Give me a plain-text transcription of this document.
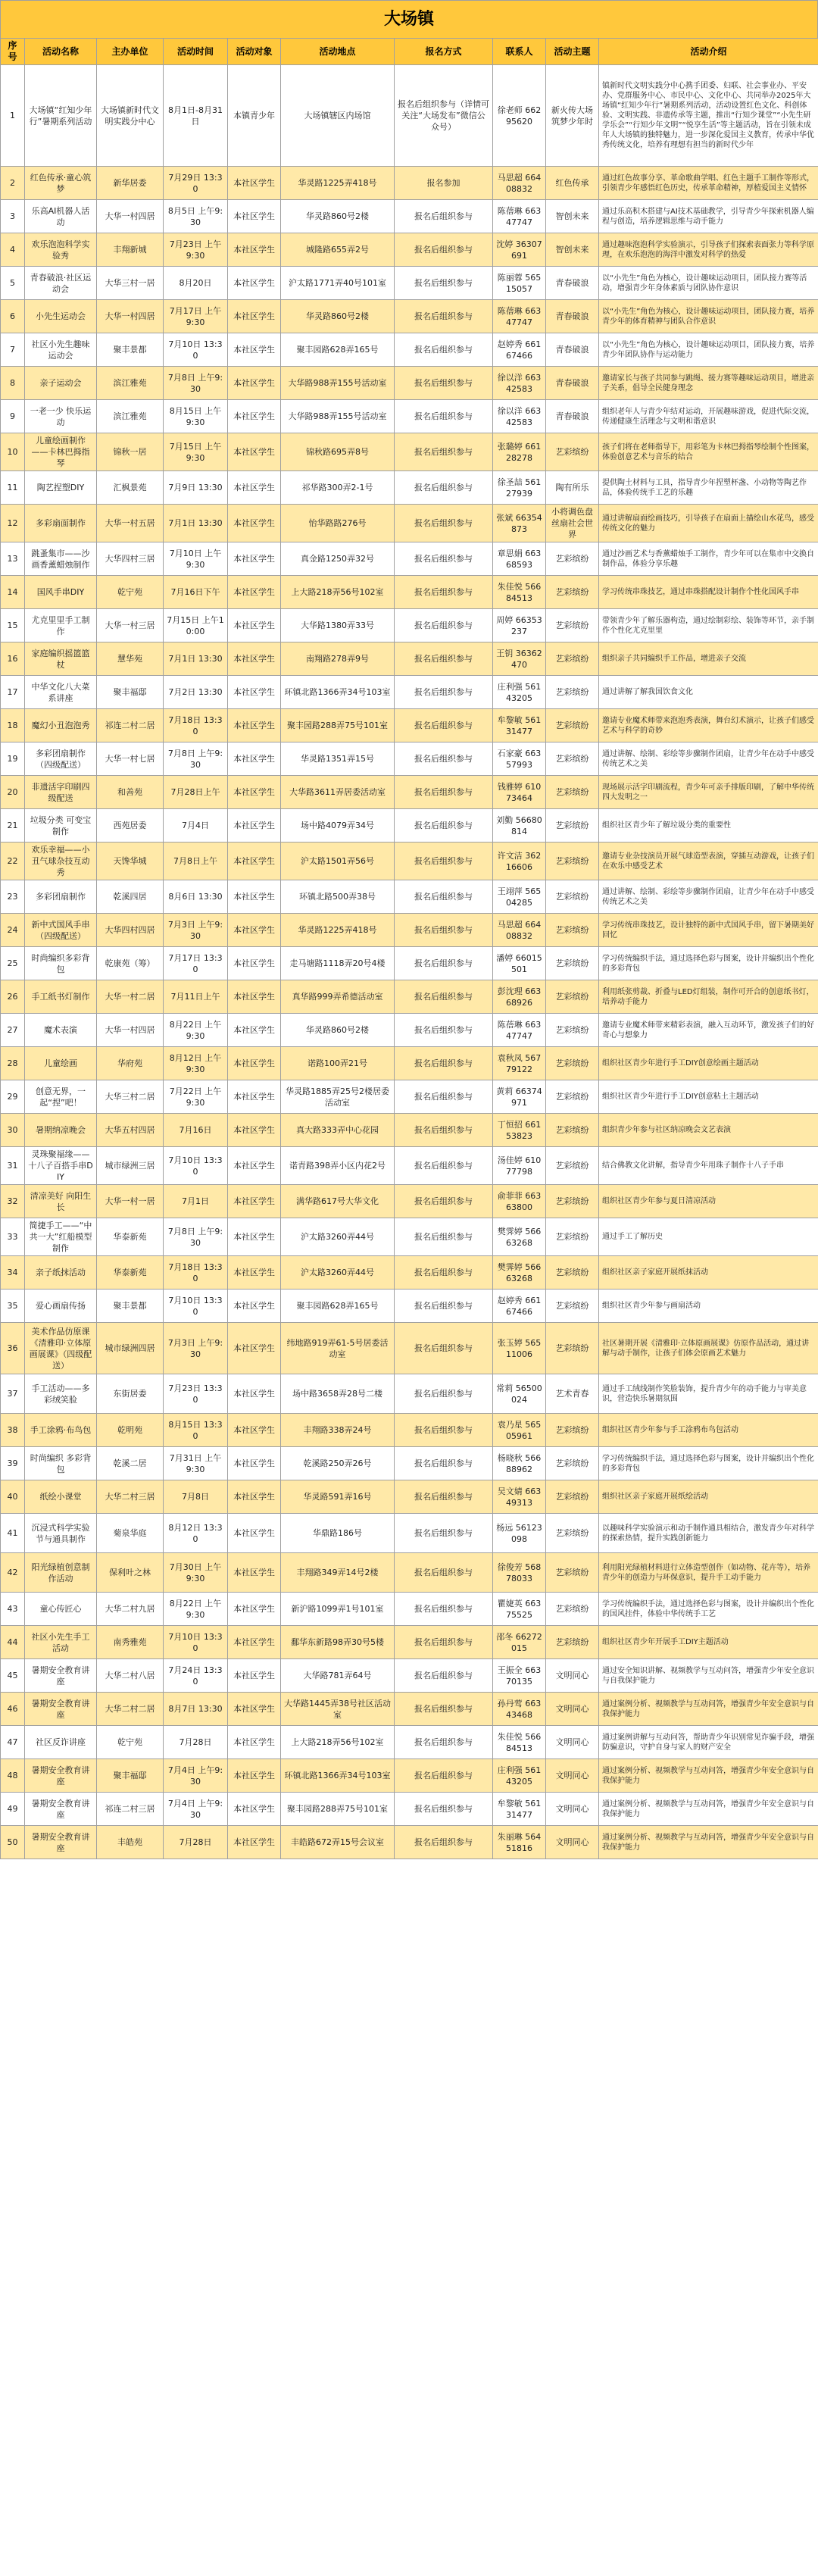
大场镇
序号	活动名称	主办单位	活动时间	活动对象	活动地点	报名方式	联系人	活动主题	活动介绍
1	大场镇“红知少年行”暑期系列活动	大场镇新时代文明实践分中心	8月1日-8月31日	本镇青少年	大场镇辖区内场馆	报名后组织参与（详情可关注“大场发布”微信公众号）	徐老师 66295620	新火传大场 筑梦少年时	镇新时代文明实践分中心携手团委、妇联、社会事业办、平安办、党群服务中心、市民中心、文化中心、共同举办2025年大场镇“红知少年行”暑期系列活动，活动设置红色文化、科创体验、文明实践、非遗传承等主题，推出“行知少课堂”“小先生研学乐会”“行知少年文明”“悦享生活”等主题活动，旨在引领未成年人大场镇的独特魅力，进一步深化爱国主义教育，传承中华优秀传统文化，培养有理想有担当的新时代少年
2	红色传承·童心筑梦	新华居委	7月29日 13:30	本社区学生	华灵路1225弄418号	报名参加	马思超 66408832	红色传承	通过红色故事分享、革命歌曲学唱、红色主题手工制作等形式，引领青少年感悟红色历史，传承革命精神，厚植爱国主义情怀
3	乐高AI机器人活动	大华一村四居	8月5日 上午9:30	本社区学生	华灵路860号2楼	报名后组织参与	陈蓓琳 66347747	智创未来	通过乐高积木搭建与AI技术基础教学，引导青少年探索机器人编程与创造，培养逻辑思维与动手能力
4	欢乐泡泡科学实验秀	丰翔新城	7月23日 上午9:30	本社区学生	城隆路655弄2号	报名后组织参与	沈婷 36307691	智创未来	通过趣味泡泡科学实验演示，引导孩子们探索表面张力等科学原理，在欢乐泡泡的海洋中激发对科学的热爱
5	青春破浪·社区运动会	大华三村一居	8月20日	本社区学生	沪太路1771弄40号101室	报名后组织参与	陈丽蓉 56515057	青春破浪	以“小先生”角色为核心，设计趣味运动项目，团队接力赛等活动，增强青少年身体素质与团队协作意识
6	小先生运动会	大华一村四居	7月17日 上午9:30	本社区学生	华灵路860号2楼	报名后组织参与	陈蓓琳 66347747	青春破浪	以“小先生”角色为核心，设计趣味运动项目，团队接力赛，培养青少年的体育精神与团队合作意识
7	社区小先生趣味运动会	聚丰景都	7月10日 13:30	本社区学生	聚丰园路628弄165号	报名后组织参与	赵婷秀 66167466	青春破浪	以“小先生”角色为核心，设计趣味运动项目，团队接力赛，培养青少年团队协作与运动能力
8	亲子运动会	滨江雅苑	7月8日 上午9:30	本社区学生	大华路988弄155号活动室	报名后组织参与	徐以洋 66342583	青春破浪	邀请家长与孩子共同参与跳绳、接力赛等趣味运动项目，增进亲子关系，倡导全民健身理念
9	一老一少 快乐运动	滨江雅苑	8月15日 上午9:30	本社区学生	大华路988弄155号活动室	报名后组织参与	徐以洋 66342583	青春破浪	组织老年人与青少年结对运动，开展趣味游戏，促进代际交流，传递健康生活理念与文明和谐意识
10	儿童绘画制作——卡林巴拇指琴	锦秋一居	7月15日 上午9:30	本社区学生	锦秋路695弄8号	报名后组织参与	张璐婷 66128278	艺彩缤纷	孩子们将在老师指导下，用彩笔为卡林巴拇指琴绘制个性图案，体验创意艺术与音乐的结合
11	陶艺捏塑DIY	汇枫景苑	7月9日 13:30	本社区学生	祁华路300弄2-1号	报名后组织参与	徐圣喆 56127939	陶有所乐	提供陶土材料与工具，指导青少年捏塑杯盏、小动物等陶艺作品，体验传统手工艺的乐趣
12	多彩扇面制作	大华一村五居	7月1日 13:30	本社区学生	怡华路路276号	报名后组织参与	张斌 66354873	小将调色盘丝扇社会世界	通过讲解扇面绘画技巧，引导孩子在扇面上描绘山水花鸟，感受传统文化的魅力
13	跳蚤集市——沙画香薰蜡烛制作	大华四村三居	7月10日 上午9:30	本社区学生	真金路1250弄32号	报名后组织参与	章思娟 66368593	艺彩缤纷	通过沙画艺术与香薰蜡烛手工制作，青少年可以在集市中交换自制作品，体验分享乐趣
14	国风手串DIY	乾宁苑	7月16日下午	本社区学生	上大路218弄56号102室	报名后组织参与	朱佳悦 56684513	艺彩缤纷	学习传统串珠技艺，通过串珠搭配设计制作个性化国风手串
15	尤克里里手工制作	大华一村三居	7月15日 上午10:00	本社区学生	大华路1380弄33号	报名后组织参与	周婷 66353237	艺彩缤纷	带领青少年了解乐器构造，通过绘制彩绘、装饰等环节，亲手制作个性化尤克里里
16	家庭编织摇篮篮杖	慧华苑	7月1日 13:30	本社区学生	南翔路278弄9号	报名后组织参与	王钥 36362470	艺彩缤纷	组织亲子共同编织手工作品，增进亲子交流
17	中华文化八大菜系讲座	聚丰福邸	7月2日 13:30	本社区学生	环镇北路1366弄34号103室	报名后组织参与	庄利强 56143205	艺彩缤纷	通过讲解了解我国饮食文化
18	魔幻小丑泡泡秀	祁连二村二居	7月18日 13:30	本社区学生	聚丰园路288弄75号101室	报名后组织参与	牟黎敏 56131477	艺彩缤纷	邀请专业魔术师带来泡泡秀表演，舞台幻术演示，让孩子们感受艺术与科学的奇妙
19	多彩团扇制作（四级配送）	大华一村七居	7月8日 上午9:30	本社区学生	华灵路1351弄15号	报名后组织参与	石家豪 66357993	艺彩缤纷	通过讲解、绘制、彩绘等步骤制作团扇，让青少年在动手中感受传统艺术之美
20	非遗活字印刷四级配送	和善苑	7月28日上午	本社区学生	大华路3611弄居委活动室	报名后组织参与	钱雅婷 61073464	艺彩缤纷	现场展示活字印刷流程，青少年可亲手排版印刷，了解中华传统四大发明之一
21	垃圾分类 可变宝制作	西苑居委	7月4日	本社区学生	场中路4079弄34号	报名后组织参与	刘勤 56680814	艺彩缤纷	组织社区青少年了解垃圾分类的重要性
22	欢乐幸福——小丑气球杂技互动秀	天馋华城	7月8日上午	本社区学生	沪太路1501弄56号	报名后组织参与	许文洁 36216606	艺彩缤纷	邀请专业杂技演员开展气球造型表演，穿插互动游戏，让孩子们在欢乐中感受艺术
23	多彩团扇制作	乾溪四居	8月6日 13:30	本社区学生	环镇北路500弄38号	报名后组织参与	王翊萍 56504285	艺彩缤纷	通过讲解、绘制、彩绘等步骤制作团扇，让青少年在动手中感受传统艺术之美
24	新中式国风手串（四级配送）	大华四村四居	7月3日 上午9:30	本社区学生	华灵路1225弄418号	报名后组织参与	马思超 66408832	艺彩缤纷	学习传统串珠技艺，设计独特的新中式国风手串，留下暑期美好回忆
25	时尚编织多彩背包	乾康苑（筹）	7月17日 13:30	本社区学生	走马塘路1118弄20号4楼	报名后组织参与	潘婷 66015501	艺彩缤纷	学习传统编织手法，通过选择色彩与图案，设计并编织出个性化的多彩背包
26	手工纸书灯制作	大华一村二居	7月11日上午	本社区学生	真华路999弄希德活动室	报名后组织参与	彭沈理 66368926	艺彩缤纷	利用纸张剪裁、折叠与LED灯组装，制作可开合的创意纸书灯，培养动手能力
27	魔术表演	大华一村四居	8月22日 上午9:30	本社区学生	华灵路860号2楼	报名后组织参与	陈蓓琳 66347747	艺彩缤纷	邀请专业魔术师带来精彩表演，融入互动环节，激发孩子们的好奇心与想象力
28	儿童绘画	华府苑	8月12日 上午9:30	本社区学生	诺路100弄21号	报名后组织参与	袁秋凤 56779122	艺彩缤纷	组织社区青少年进行手工DIY创意绘画主题活动
29	创意无界，一起“捏”吧！	大华三村二居	7月22日 上午9:30	本社区学生	华灵路1885弄25号2楼居委活动室	报名后组织参与	黄莉 66374971	艺彩缤纷	组织社区青少年进行手工DIY创意粘土主题活动
30	暑期纳凉晚会	大华五村四居	7月16日	本社区学生	真大路333弄中心花园	报名后组织参与	丁恒招 66153823	艺彩缤纷	组织青少年参与社区纳凉晚会文艺表演
31	灵珠聚福缘——十八子百搭手串DIY	城市绿洲三居	7月10日 13:30	本社区学生	诺青路398弄小区内花2号	报名后组织参与	汤佳婷 61077798	艺彩缤纷	结合佛教文化讲解，指导青少年用珠子制作十八子手串
32	清凉美好 向阳生长	大华一村一居	7月1日	本社区学生	满华路617号大华文化	报名后组织参与	俞菲菲 66363800	艺彩缤纷	组织社区青少年参与夏日清凉活动
33	简捷手工——“中共一大”红船模型制作	华泰新苑	7月8日 上午9:30	本社区学生	沪太路3260弄44号	报名后组织参与	樊霁婷 56663268	艺彩缤纷	通过手工了解历史
34	亲子纸抹活动	华泰新苑	7月18日 13:30	本社区学生	沪太路3260弄44号	报名后组织参与	樊霁婷 56663268	艺彩缤纷	组织社区亲子家庭开展纸抹活动
35	爱心画扇传扬	聚丰景都	7月10日 13:30	本社区学生	聚丰园路628弄165号	报名后组织参与	赵婷秀 66167466	艺彩缤纷	组织社区青少年参与画扇活动
36	美术作品仿原课《清雅印·立体原画展课》（四级配送）	城市绿洲四居	7月3日 上午9:30	本社区学生	纬地路919弄61-5号居委活动室	报名后组织参与	张玉婷 56511006	艺彩缤纷	社区暑期开展《清雅印·立体原画展课》仿原作品活动，通过讲解与动手制作，让孩子们体会原画艺术魅力
37	手工活动——多彩绒笑脸	东街居委	7月23日 13:30	本社区学生	场中路3658弄28号二楼	报名后组织参与	常莉 56500024	艺术青春	通过手工绒线制作笑脸装饰，提升青少年的动手能力与审美意识，营造快乐暑期氛围
38	手工涂鸦·布鸟包	乾明苑	8月15日 13:30	本社区学生	丰翔路338弄24号	报名后组织参与	袁乃星 56505961	艺彩缤纷	组织社区青少年参与手工涂鸦布鸟包活动
39	时尚编织 多彩背包	乾溪二居	7月31日 上午9:30	本社区学生	乾溪路250弄26号	报名后组织参与	杨晓秋 56688962	艺彩缤纷	学习传统编织手法，通过选择色彩与图案，设计并编织出个性化的多彩背包
40	纸绘小课堂	大华二村三居	7月8日	本社区学生	华灵路591弄16号	报名后组织参与	吴文婧 66349313	艺彩缤纷	组织社区亲子家庭开展纸绘活动
41	沉浸式科学实验节与通具制作	菊泉华庭	8月12日 13:30	本社区学生	华鼎路186号	报名后组织参与	杨远 56123098	艺彩缤纷	以趣味科学实验演示和动手制作通具相结合，激发青少年对科学的探索热情，提升实践创新能力
42	阳光绿植创意制作活动	保利叶之林	7月30日 上午9:30	本社区学生	丰翔路349弄14号2楼	报名后组织参与	徐俊芳 56878033	艺彩缤纷	利用阳光绿植材料进行立体造型创作（如动物、花卉等），培养青少年的创造力与环保意识，提升手工动手能力
43	童心传匠心	大华二村九居	8月22日 上午9:30	本社区学生	新沪路1099弄1号101室	报名后组织参与	瞿婕英 66375525	艺彩缤纷	学习传统编织手法，通过选择色彩与图案，设计并编织出个性化的国风挂件，体验中华传统手工艺
44	社区小先生手工活动	南秀雅苑	7月10日 13:30	本社区学生	鄱华东新路98弄30号5楼	报名后组织参与	邵冬 66272015	艺彩缤纷	组织社区青少年开展手工DIY主题活动
45	暑期安全教育讲座	大华二村八居	7月24日 13:30	本社区学生	大华路781弄64号	报名后组织参与	王振全 66370135	文明同心	通过安全知识讲解、视频教学与互动问答，增强青少年安全意识与自我保护能力
46	暑期安全教育讲座	大华二村二居	8月7日 13:30	本社区学生	大华路1445弄38号社区活动室	报名后组织参与	孙丹莺 66343468	文明同心	通过案例分析、视频教学与互动问答，增强青少年安全意识与自我保护能力
47	社区反诈讲座	乾宁苑	7月28日	本社区学生	上大路218弄56号102室	报名后组织参与	朱佳悦 56684513	文明同心	通过案例讲解与互动问答，帮助青少年识别常见诈骗手段，增强防骗意识，守护自身与家人的财产安全
48	暑期安全教育讲座	聚丰福邸	7月4日 上午9:30	本社区学生	环镇北路1366弄34号103室	报名后组织参与	庄利强 56143205	文明同心	通过案例分析、视频教学与互动问答，增强青少年安全意识与自我保护能力
49	暑期安全教育讲座	祁连二村三居	7月4日 上午9:30	本社区学生	聚丰园路288弄75号101室	报名后组织参与	牟黎敏 56131477	文明同心	通过案例分析、视频教学与互动问答，增强青少年安全意识与自我保护能力
50	暑期安全教育讲座	丰皓苑	7月28日	本社区学生	丰皓路672弄15号会议室	报名后组织参与	朱丽琳 56451816	文明同心	通过案例分析、视频教学与互动问答，增强青少年安全意识与自我保护能力
